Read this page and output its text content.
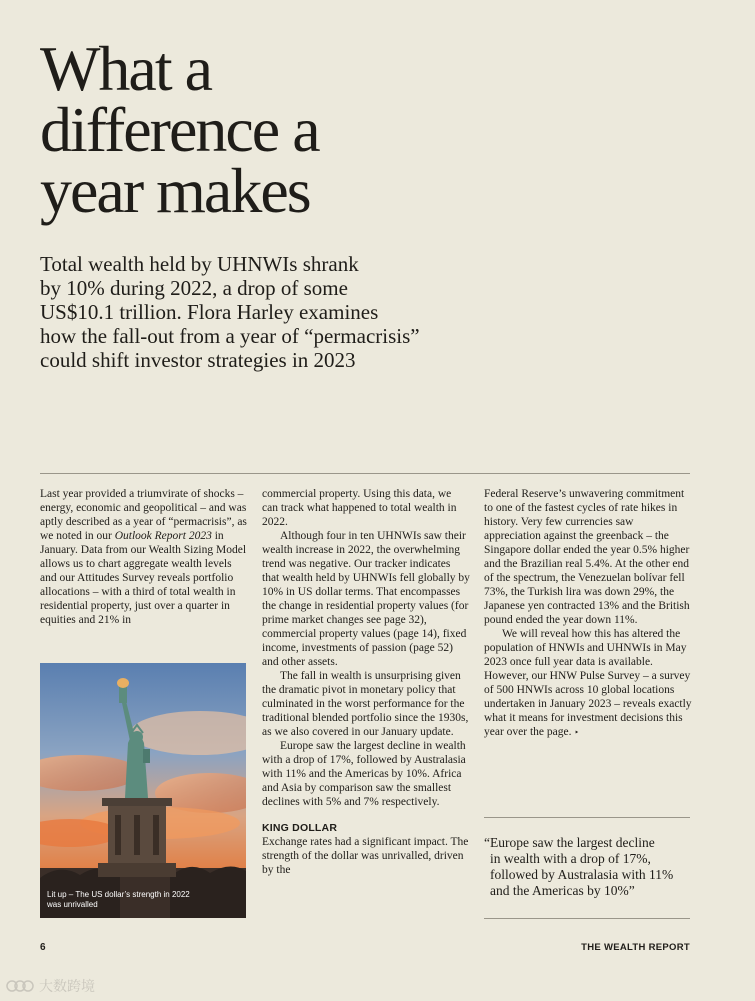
What a
difference a
year makes

Total wealth held by UHNWIs shrank
by 10% during 2022, a drop of some
US$10.1 trillion. Flora Harley examines
how the fall-out from a year of “permacrisis”
could shift investor strategies in 2023

Last year provided a triumvirate of shocks – energy, economic and geopolitical – and was aptly described as a year of “permacrisis”, as we noted in our Outlook Report 2023 in January. Data from our Wealth Sizing Model allows us to chart aggregate wealth levels and our Attitudes Survey reveals portfolio allocations – with a third of total wealth in residential property, just over a quarter in equities and 21% in

Lit up – The US dollar’s strength in 2022 was unrivalled

commercial property. Using this data, we can track what happened to total wealth in 2022.

Although four in ten UHNWIs saw their wealth increase in 2022, the overwhelming trend was negative. Our tracker indicates that wealth held by UHNWIs fell globally by 10% in US dollar terms. That encompasses the change in residential property values (for prime market changes see page 32), commercial property values (page 14), fixed income, investments of passion (page 52) and other assets.

The fall in wealth is unsurprising given the dramatic pivot in monetary policy that culminated in the worst performance for the traditional blended portfolio since the 1930s, as we also covered in our January update.

Europe saw the largest decline in wealth with a drop of 17%, followed by Australasia with 11% and the Americas by 10%. Africa and Asia by comparison saw the smallest declines with 5% and 7% respectively.

KING DOLLAR

Exchange rates had a significant impact. The strength of the dollar was unrivalled, driven by the

Federal Reserve’s unwavering commitment to one of the fastest cycles of rate hikes in history. Very few currencies saw appreciation against the greenback – the Singapore dollar ended the year 0.5% higher and the Brazilian real 5.4%. At the other end of the spectrum, the Venezuelan bolívar fell 73%, the Turkish lira was down 29%, the Japanese yen contracted 13% and the British pound ended the year down 11%.

We will reveal how this has altered the population of HNWIs and UHNWIs in May 2023 once full year data is available. However, our HNW Pulse Survey – a survey of 500 HNWIs across 10 global locations undertaken in January 2023 – reveals exactly what it means for investment decisions this year over the page. ‣

“Europe saw the largest decline
in wealth with a drop of 17%,
followed by Australasia with 11%
and the Americas by 10%”

6	THE WEALTH REPORT
大数跨境
